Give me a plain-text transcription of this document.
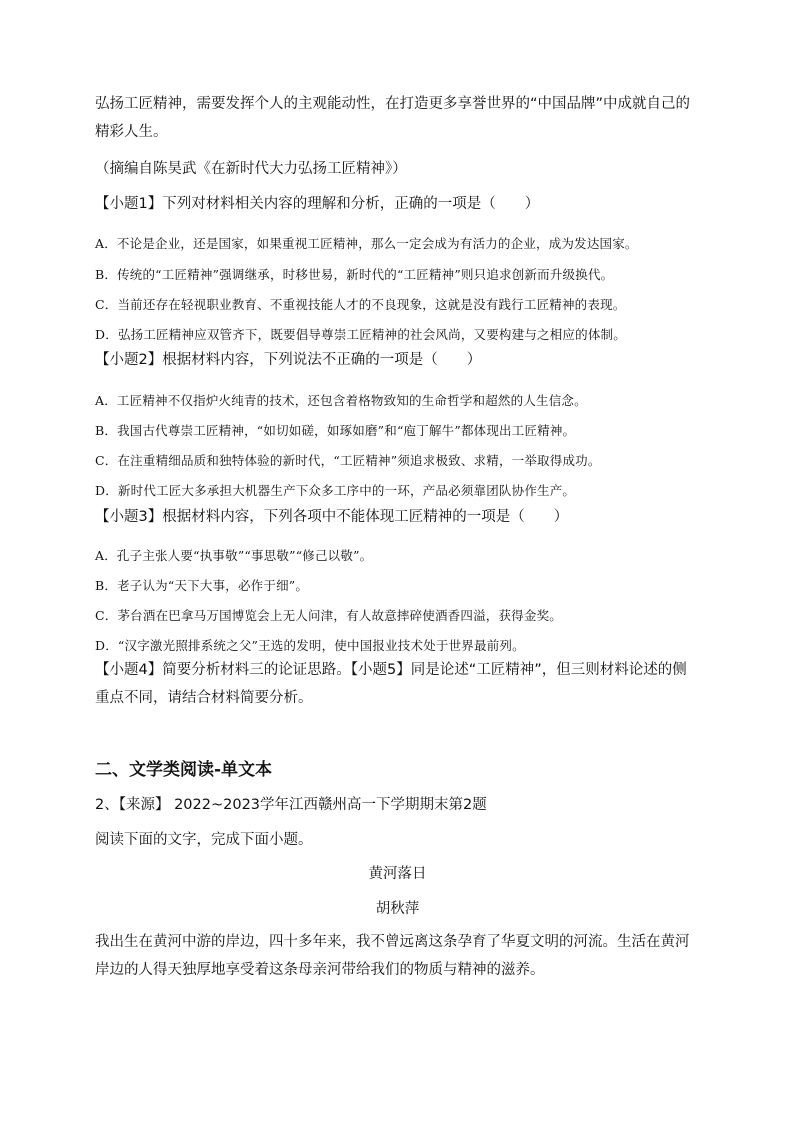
弘扬工匠精神，需要发挥个人的主观能动性，在打造更多享誉世界的“中国品牌”中成就自己的精彩人生。

（摘编自陈昊武《在新时代大力弘扬工匠精神》）

【小题1】下列对材料相关内容的理解和分析，正确的一项是（　　）

A．不论是企业，还是国家，如果重视工匠精神，那么一定会成为有活力的企业，成为发达国家。

B．传统的“工匠精神”强调继承，时移世易，新时代的“工匠精神”则只追求创新而升级换代。

C．当前还存在轻视职业教育、不重视技能人才的不良现象，这就是没有践行工匠精神的表现。

D．弘扬工匠精神应双管齐下，既要倡导尊崇工匠精神的社会风尚，又要构建与之相应的体制。

【小题2】根据材料内容，下列说法不正确的一项是（　　）

A．工匠精神不仅指炉火纯青的技术，还包含着格物致知的生命哲学和超然的人生信念。

B．我国古代尊崇工匠精神，“如切如磋，如琢如磨”和“庖丁解牛”都体现出工匠精神。

C．在注重精细品质和独特体验的新时代，“工匠精神”须追求极致、求精，一举取得成功。

D．新时代工匠大多承担大机器生产下众多工序中的一环，产品必须靠团队协作生产。

【小题3】根据材料内容，下列各项中不能体现工匠精神的一项是（　　）

A．孔子主张人要“执事敬”“事思敬”“修己以敬”。

B．老子认为“天下大事，必作于细”。

C．茅台酒在巴拿马万国博览会上无人问津，有人故意摔碎使酒香四溢，获得金奖。

D．“汉字激光照排系统之父”王选的发明，使中国报业技术处于世界最前列。

【小题4】简要分析材料三的论证思路。【小题5】同是论述“工匠精神”，但三则材料论述的侧重点不同，请结合材料简要分析。

二、文学类阅读-单文本

2、【来源】 2022~2023学年江西赣州高一下学期期末第2题

阅读下面的文字，完成下面小题。

黄河落日

胡秋萍

我出生在黄河中游的岸边，四十多年来，我不曾远离这条孕育了华夏文明的河流。生活在黄河岸边的人得天独厚地享受着这条母亲河带给我们的物质与精神的滋养。
